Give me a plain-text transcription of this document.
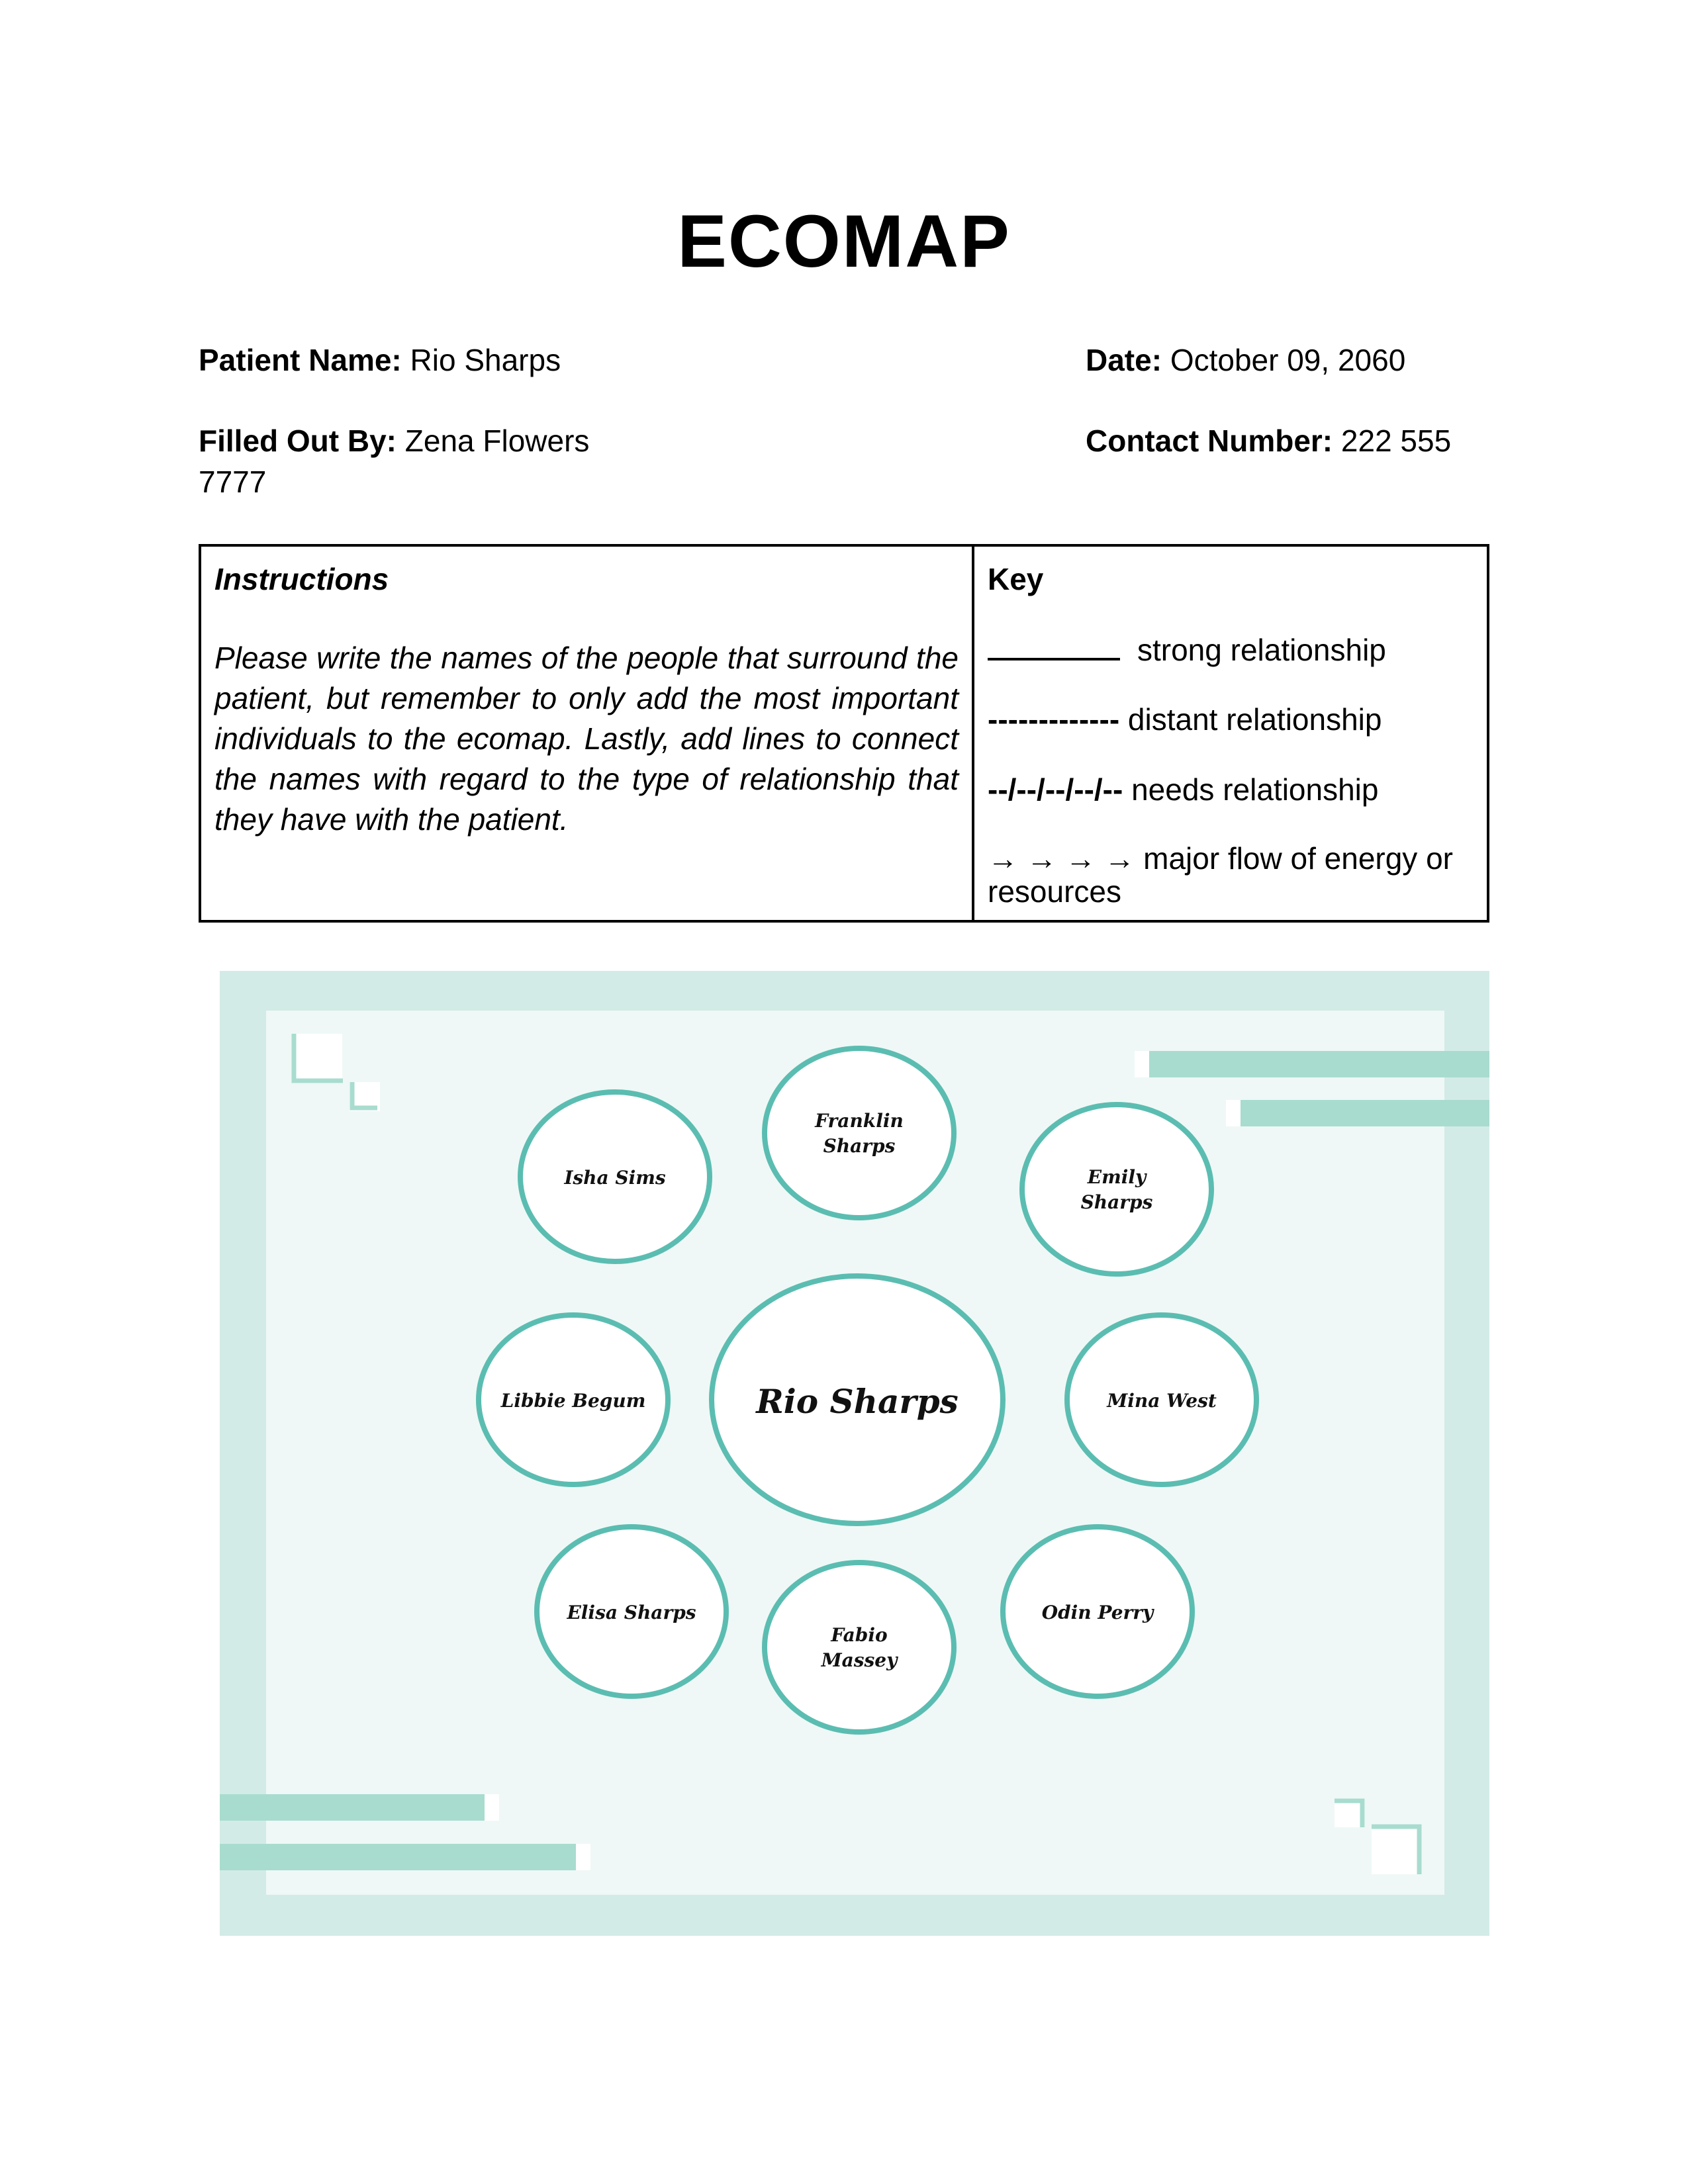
ECOMAP
Patient Name: Rio Sharps	Date: October 09, 2060
Filled Out By: Zena Flowers	Contact Number: 222 555
7777
Instructions

Please write the names of the people that surround the patient, but remember to only add the most important individuals to the ecomap. Lastly, add lines to connect the names with regard to the type of relationship that they have with the patient.

Key
strong relationship
------------- distant relationship
--/--/--/--/-- needs relationship
→ → → → major flow of energy or resources
Rio Sharps
Isha Sims
Franklin
Sharps
Emily
Sharps
Libbie Begum	Mina West
Elisa Sharps
Fabio
Massey
Odin Perry
